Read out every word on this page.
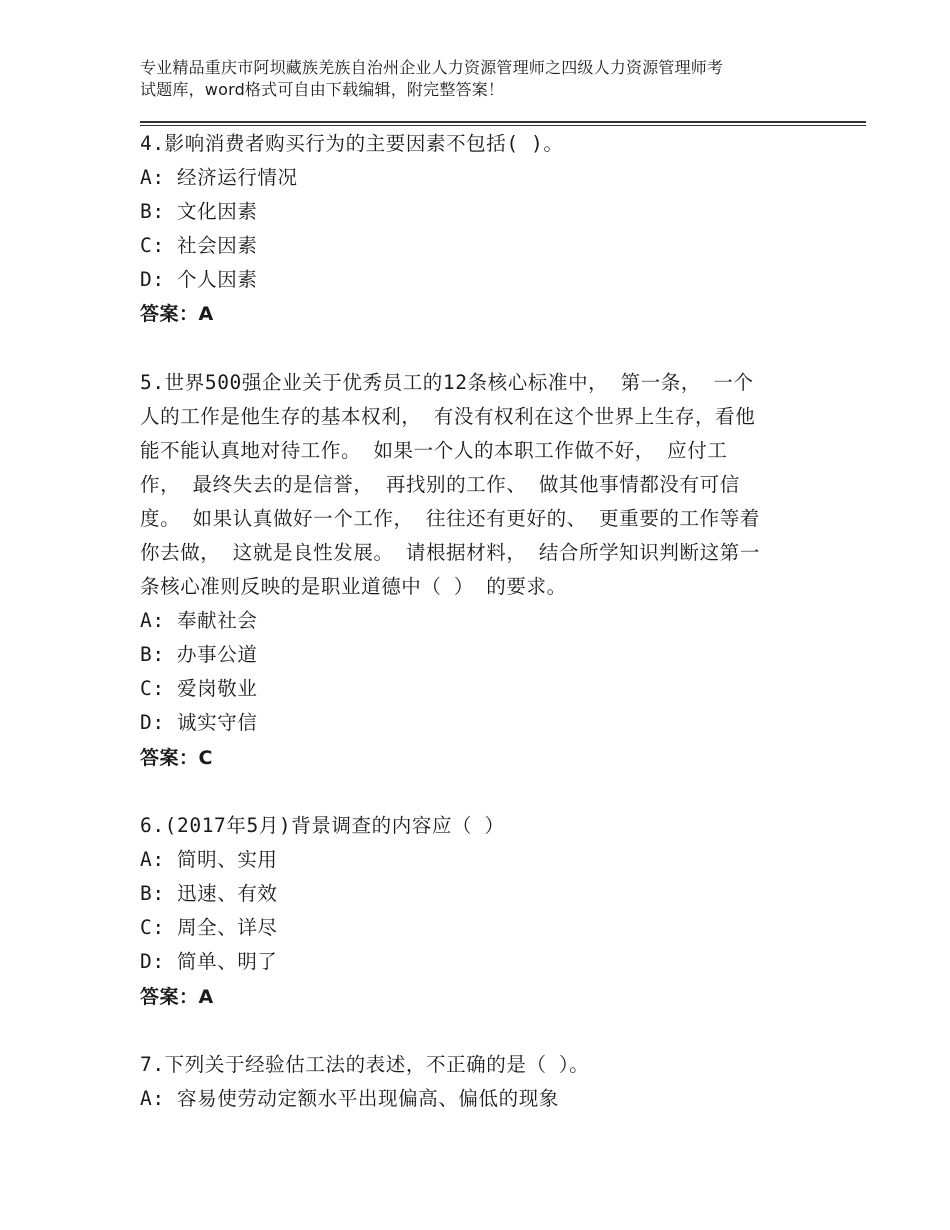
专业精品重庆市阿坝藏族羌族自治州企业人力资源管理师之四级人力资源管理师考
试题库，word格式可自由下载编辑，附完整答案！
4.影响消费者购买行为的主要因素不包括( )。
A: 经济运行情况
B: 文化因素
C: 社会因素
D: 个人因素
答案：A
5.世界500强企业关于优秀员工的12条核心标准中， 第一条， 一个
人的工作是他生存的基本权利， 有没有权利在这个世界上生存，看他
能不能认真地对待工作。 如果一个人的本职工作做不好， 应付工
作， 最终失去的是信誉， 再找别的工作、 做其他事情都没有可信
度。 如果认真做好一个工作， 往往还有更好的、 更重要的工作等着
你去做， 这就是良性发展。 请根据材料， 结合所学知识判断这第一
条核心准则反映的是职业道德中（ ） 的要求。
A: 奉献社会
B: 办事公道
C: 爱岗敬业
D: 诚实守信
答案：C
6.(2017年5月)背景调查的内容应（ ）
A: 简明、实用
B: 迅速、有效
C: 周全、详尽
D: 简单、明了
答案：A
7.下列关于经验估工法的表述，不正确的是（ ）。
A: 容易使劳动定额水平出现偏高、偏低的现象
